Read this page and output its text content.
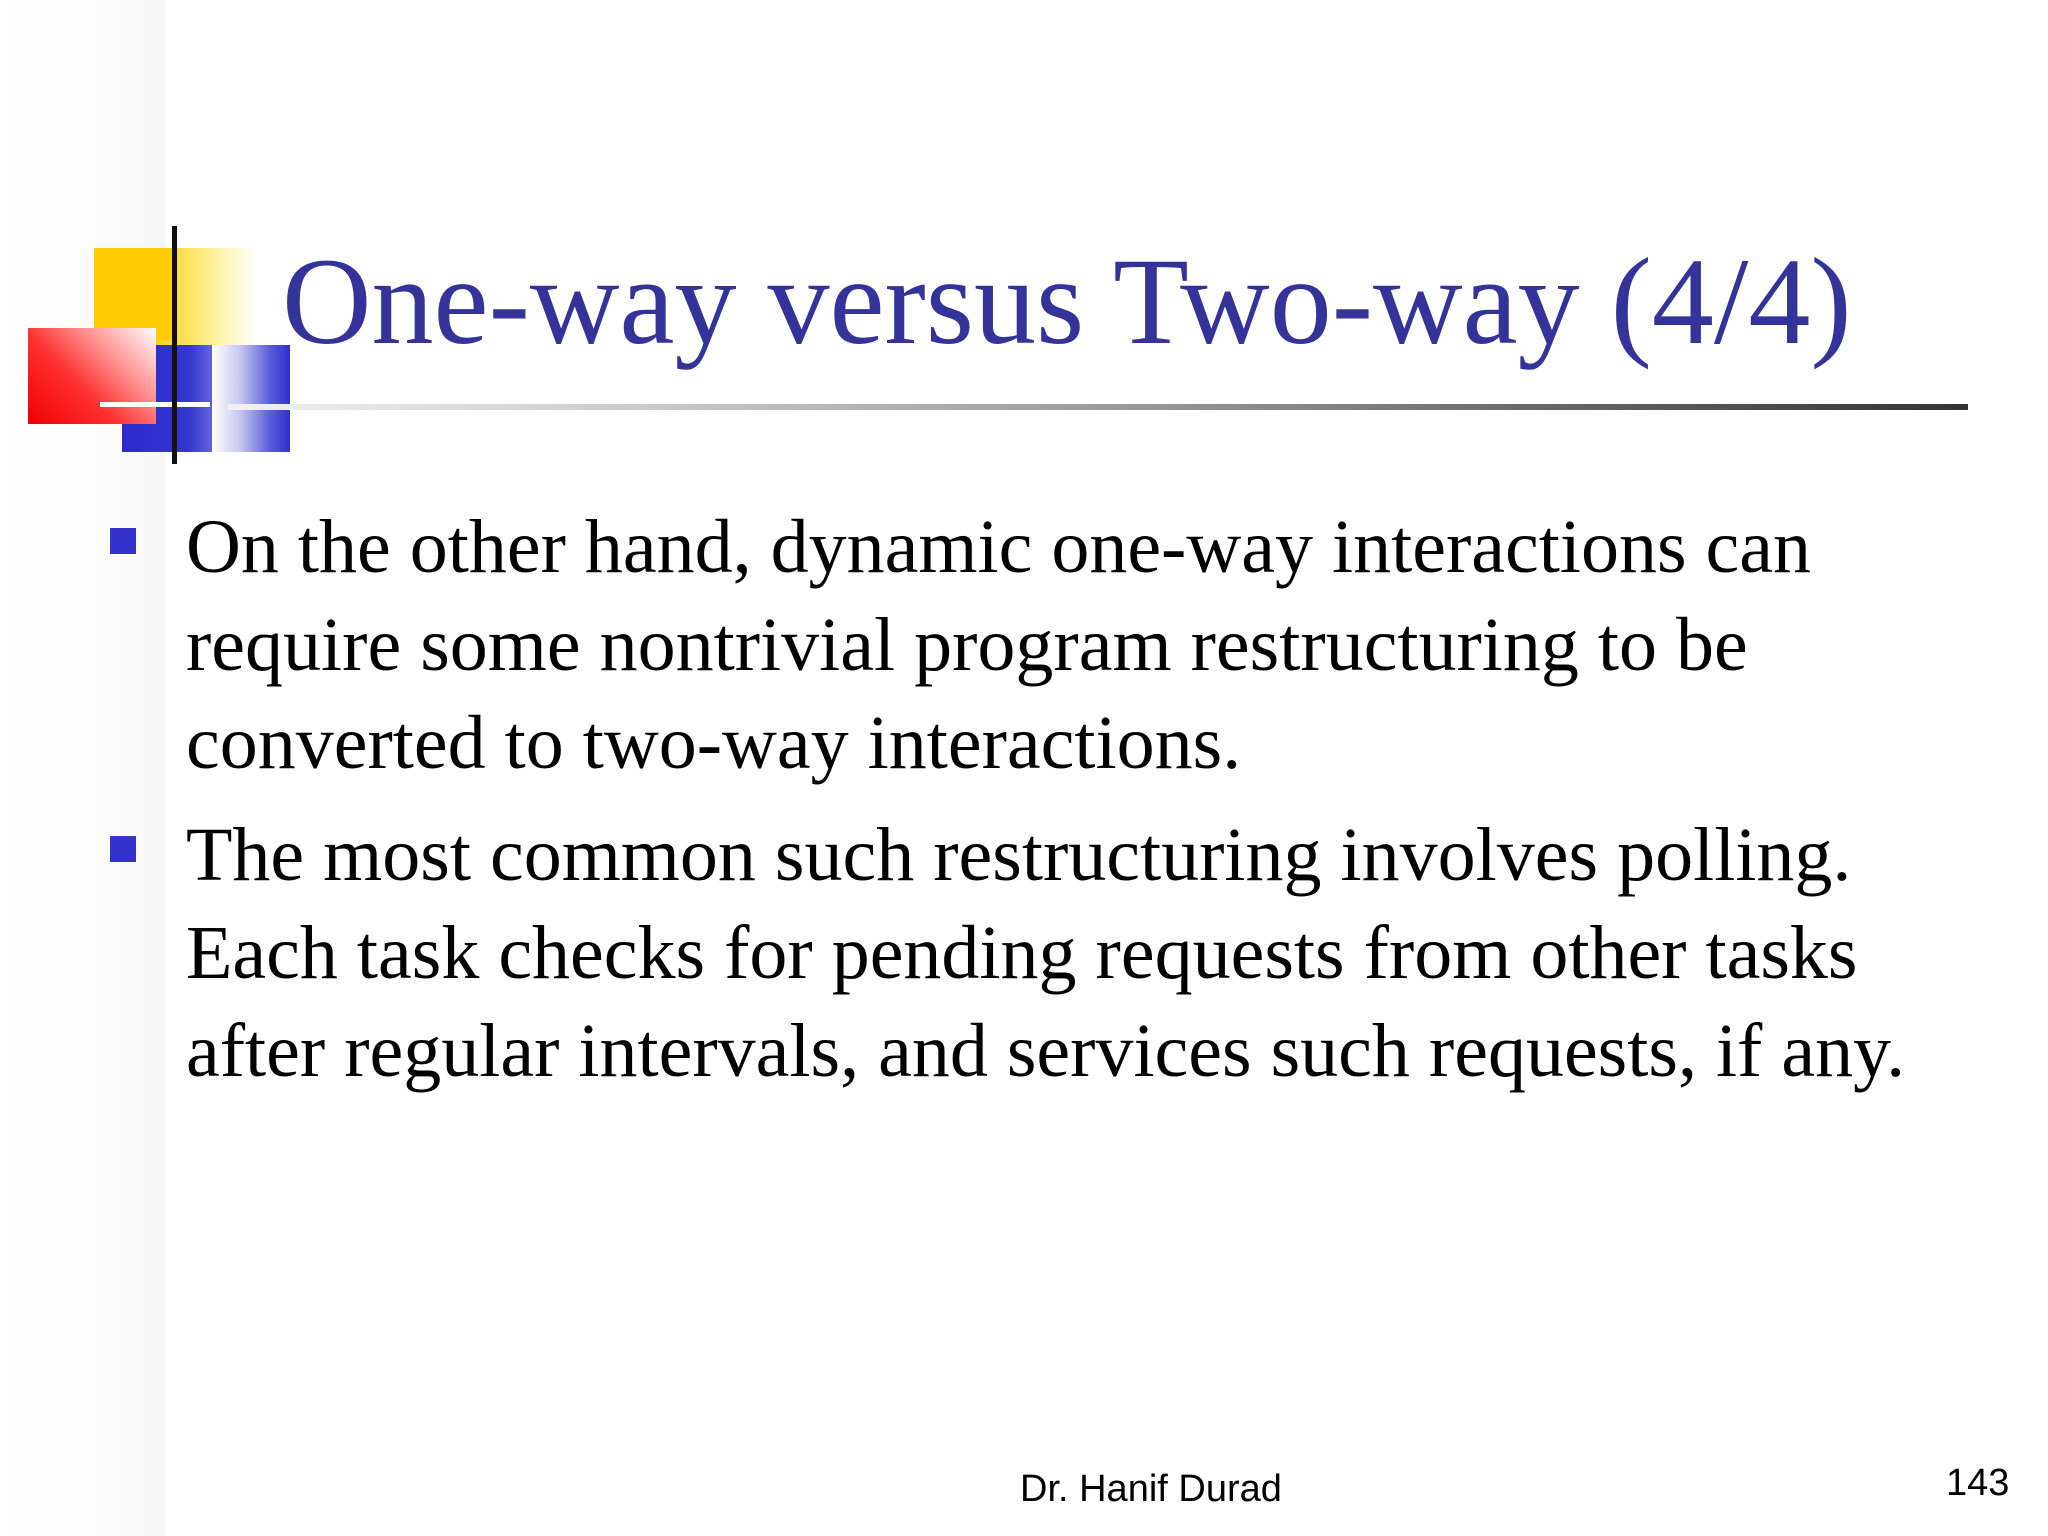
One-way versus Two-way (4/4)
On the other hand, dynamic one-way interactions can require some nontrivial program restructuring to be converted to two-way interactions.
The most common such restructuring involves polling. Each task checks for pending requests from other tasks after regular intervals, and services such requests, if any.
Dr. Hanif Durad	143
